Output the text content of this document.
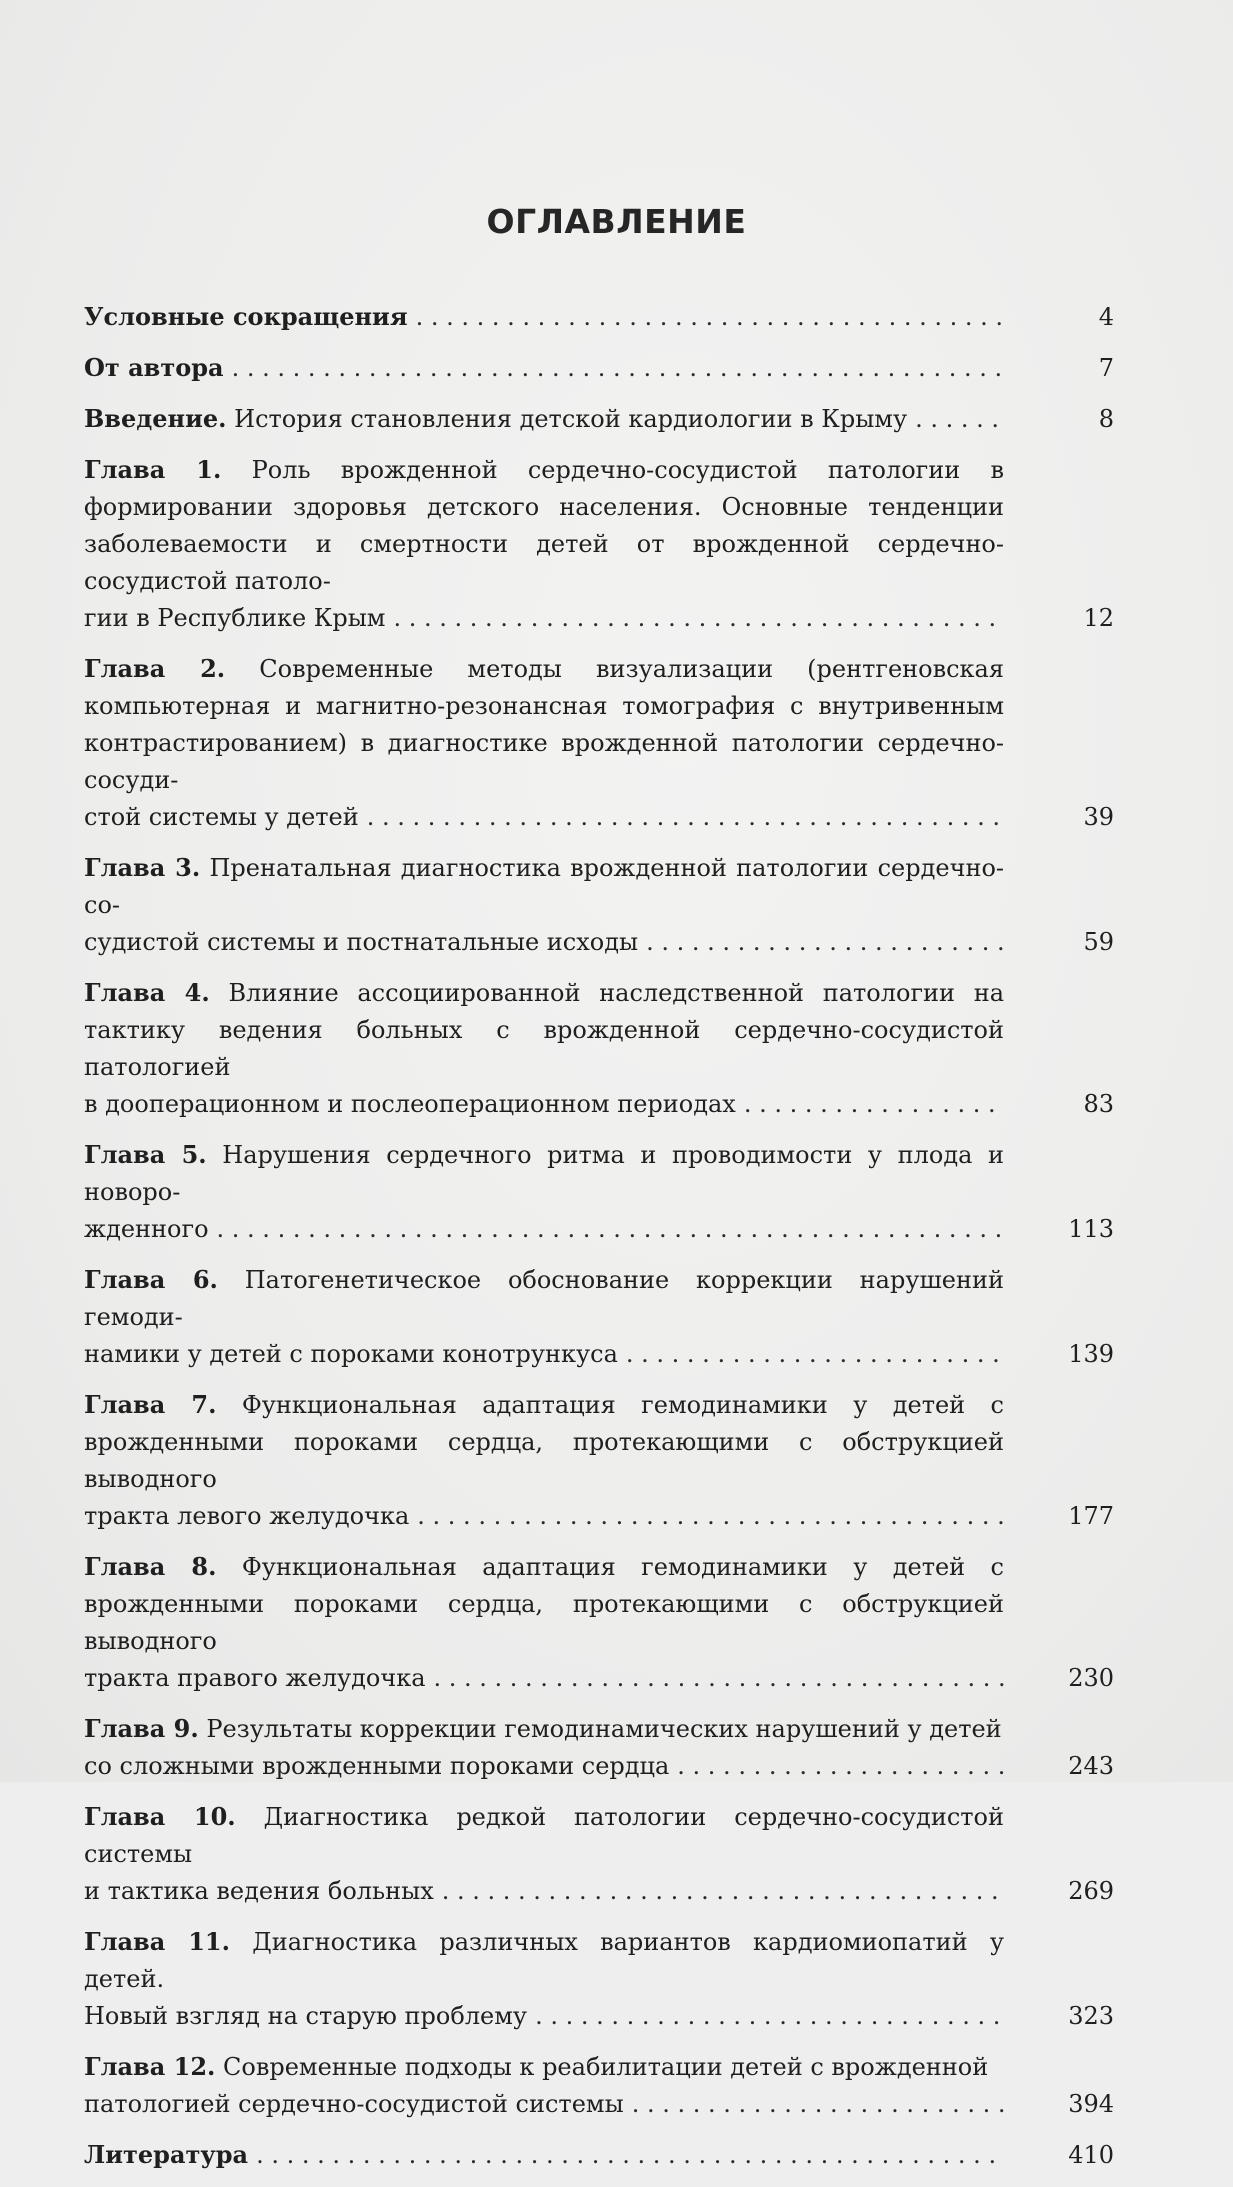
ОГЛАВЛЕНИЕ
Условные сокращения . . .	4
От автора . . .	7
Введение. История становления детской кардиологии в Крыму . . .	8
Глава 1. Роль врожденной сердечно-сосудистой патологии в формировании здоровья детского населения. Основные тенденции заболеваемости и смертности детей от врожденной сердечно-сосудистой патоло-
гии в Республике Крым . . .	12
Глава 2. Современные методы визуализации (рентгеновская компьютерная и магнитно-резонансная томография с внутривенным контрастированием) в диагностике врожденной патологии сердечно-сосуди-
стой системы у детей . . .	39
Глава 3. Пренатальная диагностика врожденной патологии сердечно-со-
судистой системы и постнатальные исходы . . .	59
Глава 4. Влияние ассоциированной наследственной патологии на тактику ведения больных с врожденной сердечно-сосудистой патологией
в дооперационном и послеоперационном периодах . . .	83
Глава 5. Нарушения сердечного ритма и проводимости у плода и новоро-
жденного . . .	113
Глава 6. Патогенетическое обоснование коррекции нарушений гемоди-
намики у детей с пороками конотрункуса . . .	139
Глава 7. Функциональная адаптация гемодинамики у детей с врожденными пороками сердца, протекающими с обструкцией выводного
тракта левого желудочка . . .	177
Глава 8. Функциональная адаптация гемодинамики у детей с врожденными пороками сердца, протекающими с обструкцией выводного
тракта правого желудочка . . .	230
Глава 9. Результаты коррекции гемодинамических нарушений у детей
со сложными врожденными пороками сердца . . .	243
Глава 10. Диагностика редкой патологии сердечно-сосудистой системы
и тактика ведения больных . . .	269
Глава 11. Диагностика различных вариантов кардиомиопатий у детей.
Новый взгляд на старую проблему . . .	323
Глава 12. Современные подходы к реабилитации детей с врожденной
патологией сердечно-сосудистой системы . . .	394
Литература . . .	410
